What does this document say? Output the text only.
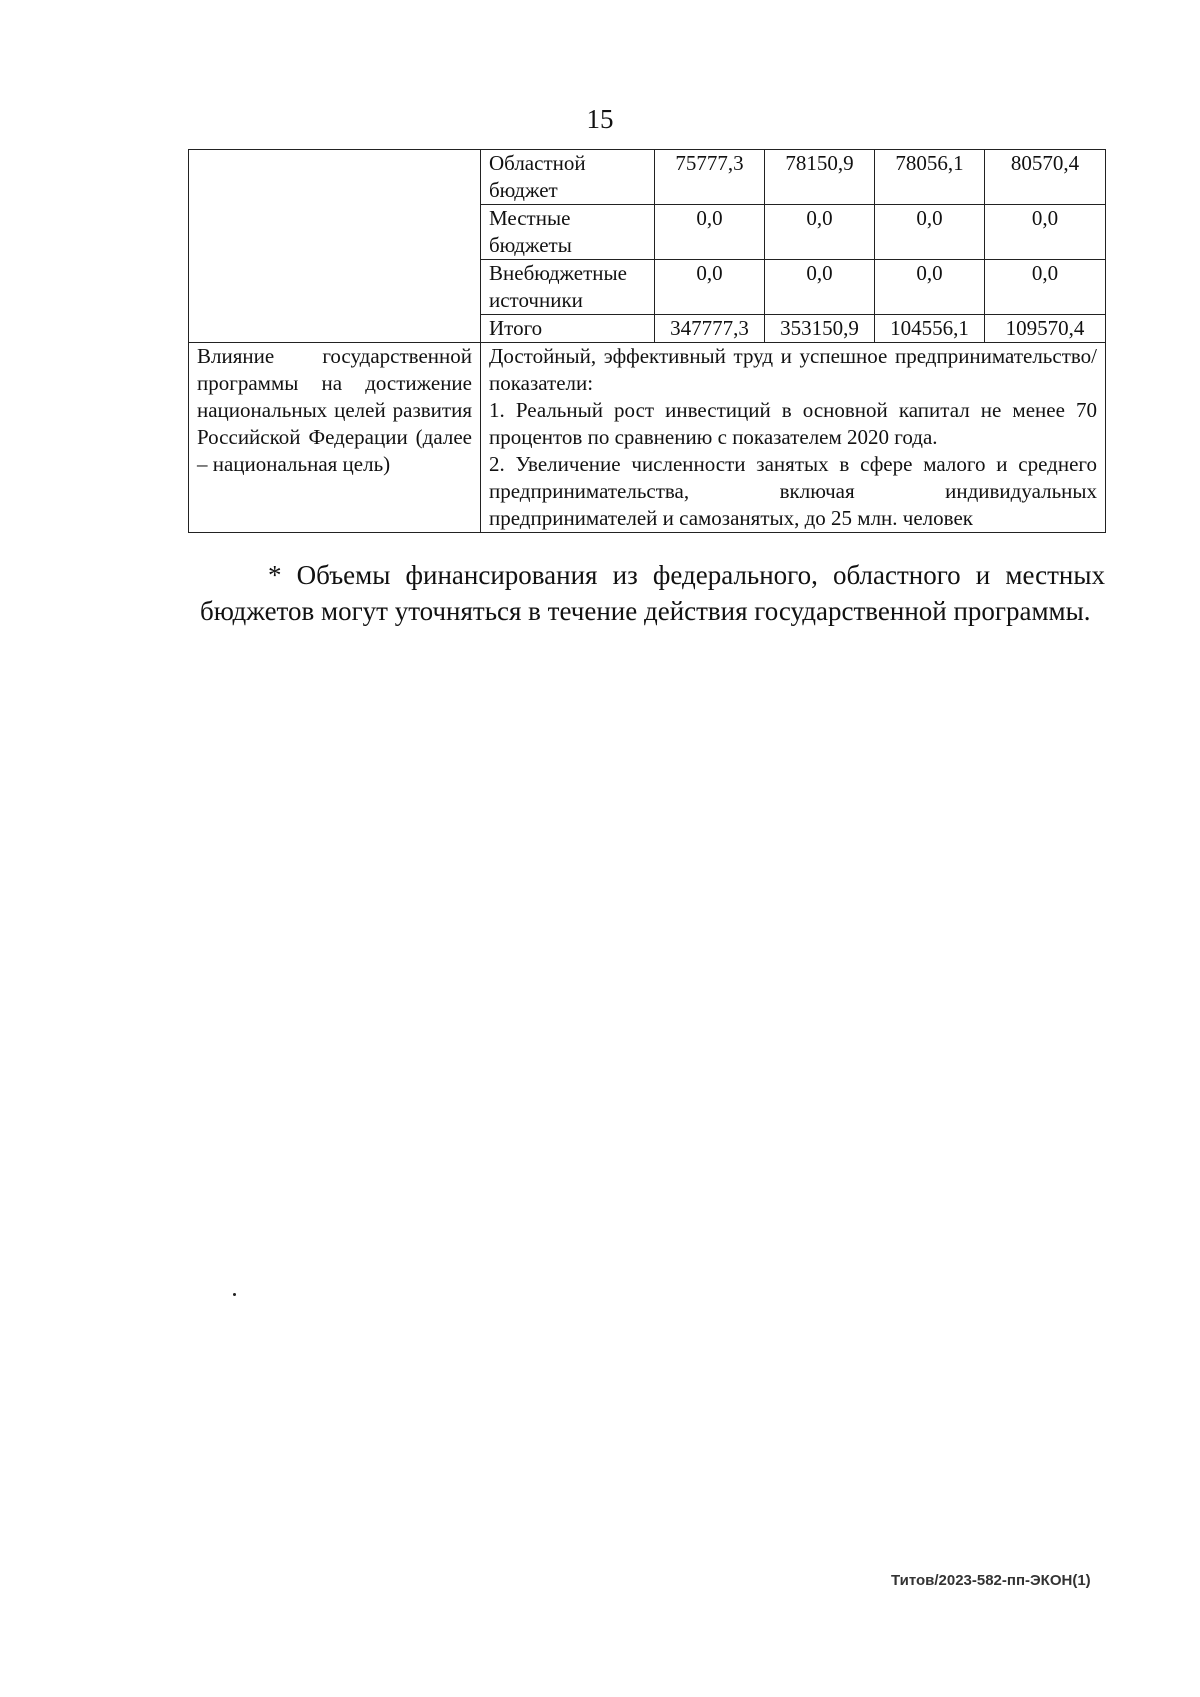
15
	Областной бюджет	75777,3	78150,9	78056,1	80570,4
	Местные бюджеты	0,0	0,0	0,0	0,0
	Внебюджетные источники	0,0	0,0	0,0	0,0
	Итого	347777,3	353150,9	104556,1	109570,4
Влияние государственной программы на достижение национальных целей развития Российской Федерации (далее – национальная цель)	Достойный, эффективный труд и успешное предпринимательство/ показатели:
1. Реальный рост инвестиций в основной капитал не менее 70 процентов по сравнению с показателем 2020 года.
2. Увеличение численности занятых в сфере малого и среднего предпринимательства, включая индивидуальных предпринимателей и самозанятых, до 25 млн. человек				
* Объемы финансирования из федерального, областного и местных бюджетов могут уточняться в течение действия государственной программы.
Титов/2023-582-пп-ЭКОН(1)
